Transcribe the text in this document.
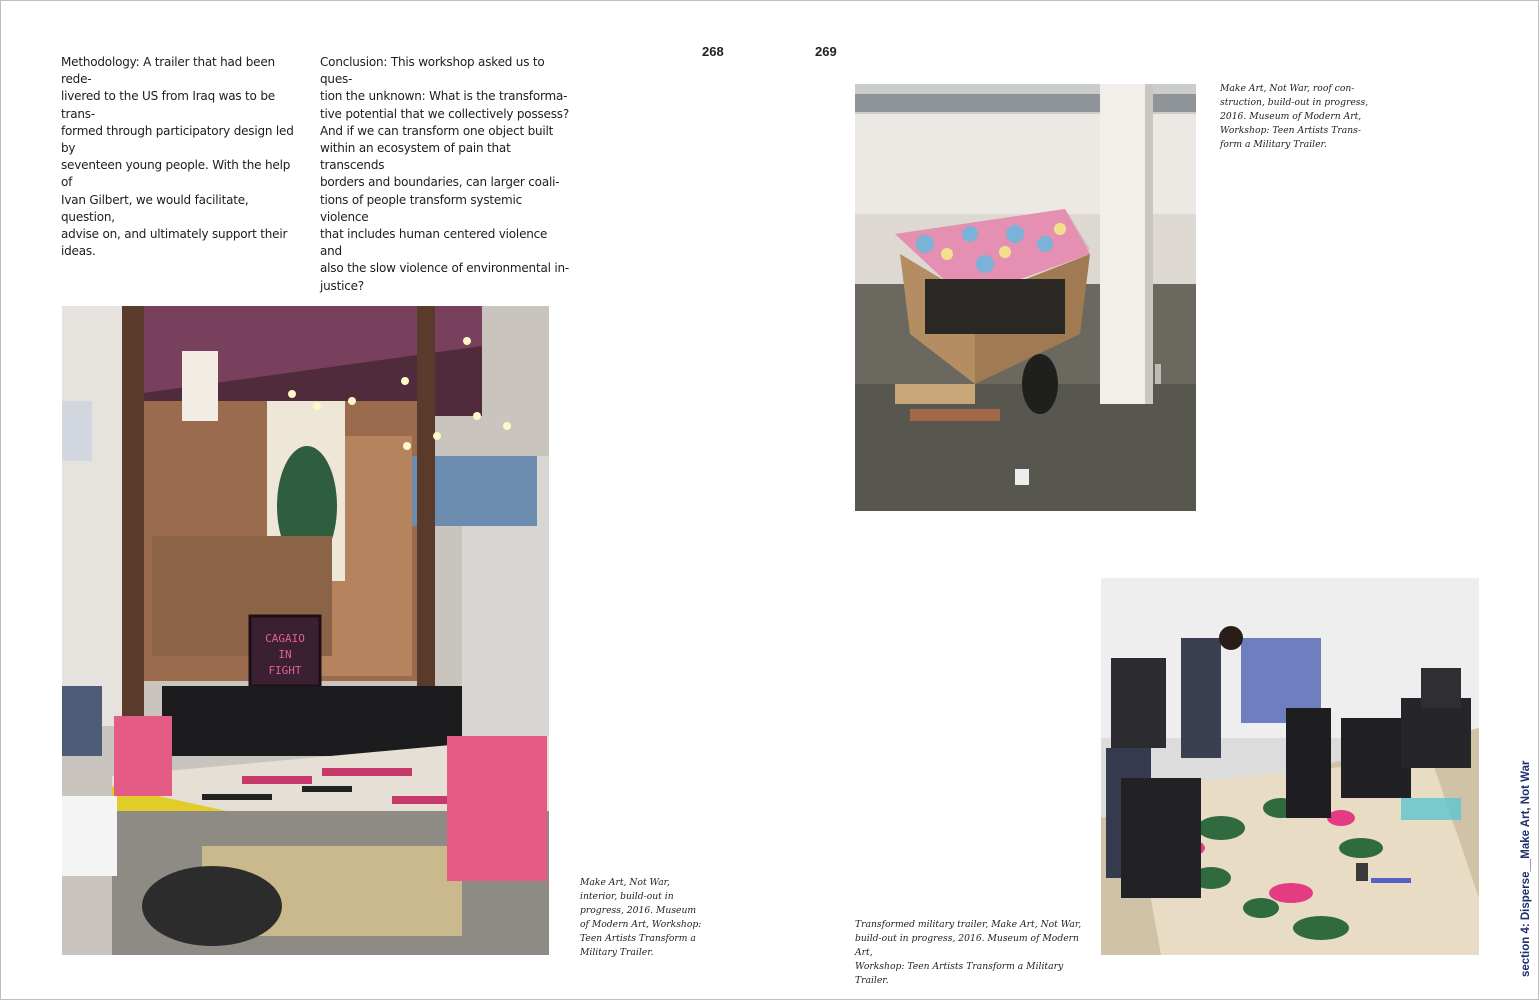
Methodology: A trailer that had been rede-
livered to the US from Iraq was to be trans-
formed through participatory design led by
seventeen young people. With the help of
Ivan Gilbert, we would facilitate, question,
advise on, and ultimately support their
ideas.

Conclusion: This workshop asked us to ques-
tion the unknown: What is the transforma-
tive potential that we collectively possess?
And if we can transform one object built
within an ecosystem of pain that transcends
borders and boundaries, can larger coali-
tions of people transform systemic violence
that includes human centered violence and
also the slow violence of environmental in-
justice?

268	269
CAGAIO
IN
FIGHT

Make Art, Not War,
interior, build-out in
progress, 2016. Museum
of Modern Art, Workshop:
Teen Artists Transform a
Military Trailer.

Make Art, Not War, roof con-
struction, build-out in progress,
2016. Museum of Modern Art,
Workshop: Teen Artists Trans-
form a Military Trailer.

Transformed military trailer, Make Art, Not War,
build-out in progress, 2016. Museum of Modern Art,
Workshop: Teen Artists Transform a Military Trailer.

section 4: Disperse__Make Art, Not War
